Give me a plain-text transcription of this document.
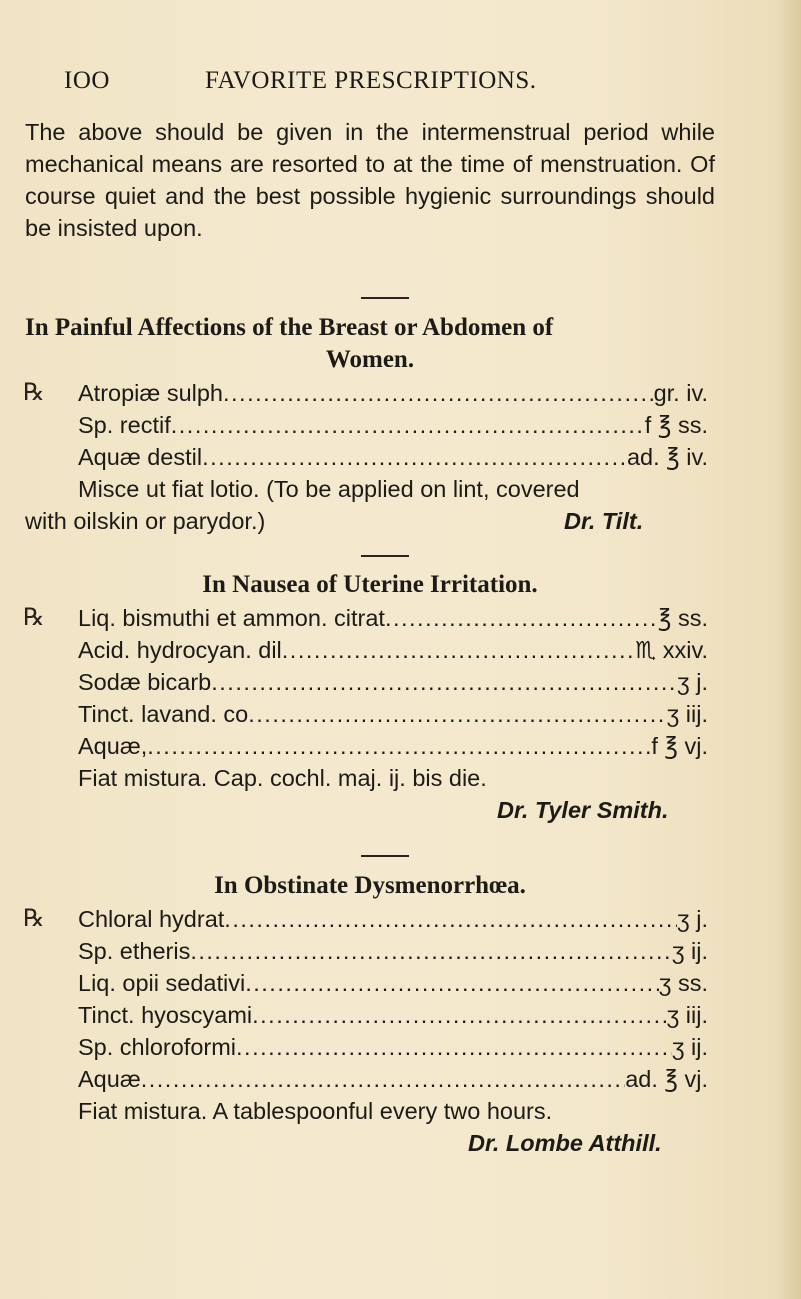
IOO	FAVORITE PRESCRIPTIONS.

The above should be given in the intermenstrual period while mechanical means are resorted to at the time of menstruation. Of course quiet and the best possible hygienic surroundings should be insisted upon.

In Painful Affections of the Breast or Abdomen of
Women.
℞ Atropiæ sulph .....	gr. iv.
Sp. rectif .....	f ℥ ss.
Aquæ destil .....	ad. ℥ iv.
Misce ut fiat lotio. (To be applied on lint, covered
with oilskin or parydor.)	Dr. Tilt.
In Nausea of Uterine Irritation.
℞ Liq. bismuthi et ammon. citrat .....	℥ ss.
Acid. hydrocyan. dil .....	♏ xxiv.
Sodæ bicarb .....	ʒ j.
Tinct. lavand. co .....	ʒ iij.
Aquæ, .....	f ℥ vj.
Fiat mistura. Cap. cochl. maj. ij. bis die.
Dr. Tyler Smith.
In Obstinate Dysmenorrhœa.
℞ Chloral hydrat .....	ʒ j.
Sp. etheris .....	ʒ ij.
Liq. opii sedativi .....	ʒ ss.
Tinct. hyoscyami .....	ʒ iij.
Sp. chloroformi .....	ʒ ij.
Aquæ .....	ad. ℥ vj.
Fiat mistura. A tablespoonful every two hours.
Dr. Lombe Atthill.
